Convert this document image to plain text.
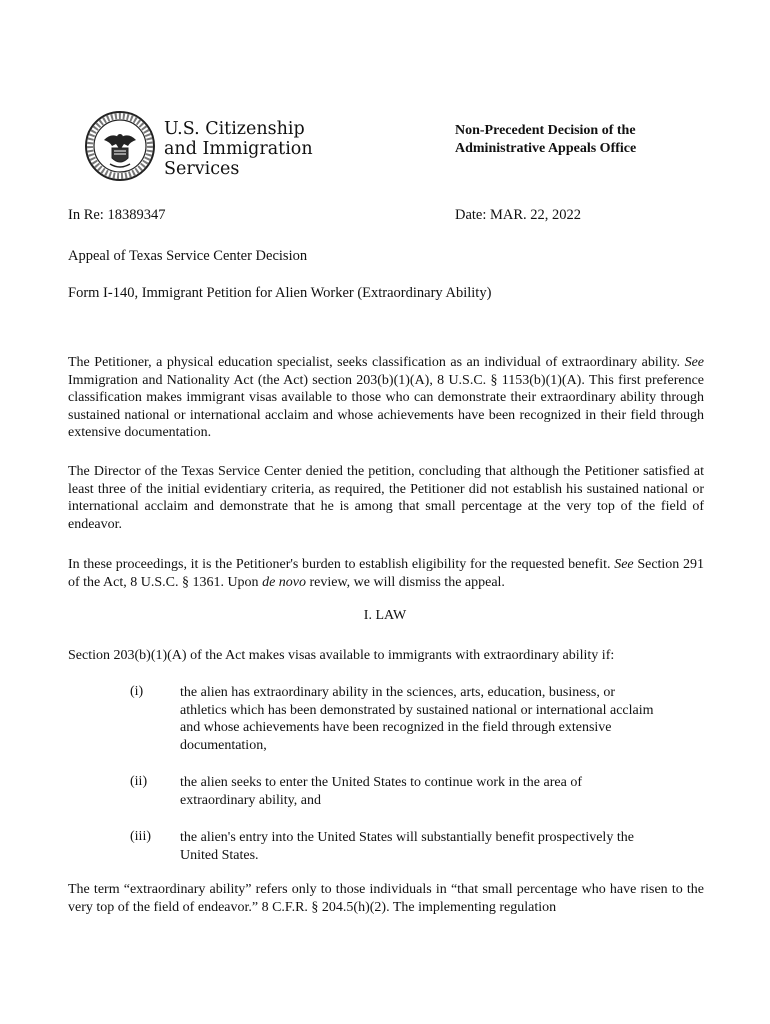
U.S. Citizenship
and Immigration
Services
Non-Precedent Decision of the
Administrative Appeals Office
In Re: 18389347	Date: MAR. 22, 2022
Appeal of Texas Service Center Decision
Form I-140, Immigrant Petition for Alien Worker (Extraordinary Ability)
The Petitioner, a physical education specialist, seeks classification as an individual of extraordinary ability. See Immigration and Nationality Act (the Act) section 203(b)(1)(A), 8 U.S.C. § 1153(b)(1)(A). This first preference classification makes immigrant visas available to those who can demonstrate their extraordinary ability through sustained national or international acclaim and whose achievements have been recognized in their field through extensive documentation.
The Director of the Texas Service Center denied the petition, concluding that although the Petitioner satisfied at least three of the initial evidentiary criteria, as required, the Petitioner did not establish his sustained national or international acclaim and demonstrate that he is among that small percentage at the very top of the field of endeavor.
In these proceedings, it is the Petitioner's burden to establish eligibility for the requested benefit. See Section 291 of the Act, 8 U.S.C. § 1361. Upon de novo review, we will dismiss the appeal.
I. LAW
Section 203(b)(1)(A) of the Act makes visas available to immigrants with extraordinary ability if:
(i)	the alien has extraordinary ability in the sciences, arts, education, business, or athletics which has been demonstrated by sustained national or international acclaim and whose achievements have been recognized in the field through extensive documentation,
(ii) the alien seeks to enter the United States to continue work in the area of extraordinary ability, and
(iii) the alien's entry into the United States will substantially benefit prospectively the United States.
The term “extraordinary ability” refers only to those individuals in “that small percentage who have risen to the very top of the field of endeavor.” 8 C.F.R. § 204.5(h)(2). The implementing regulation
